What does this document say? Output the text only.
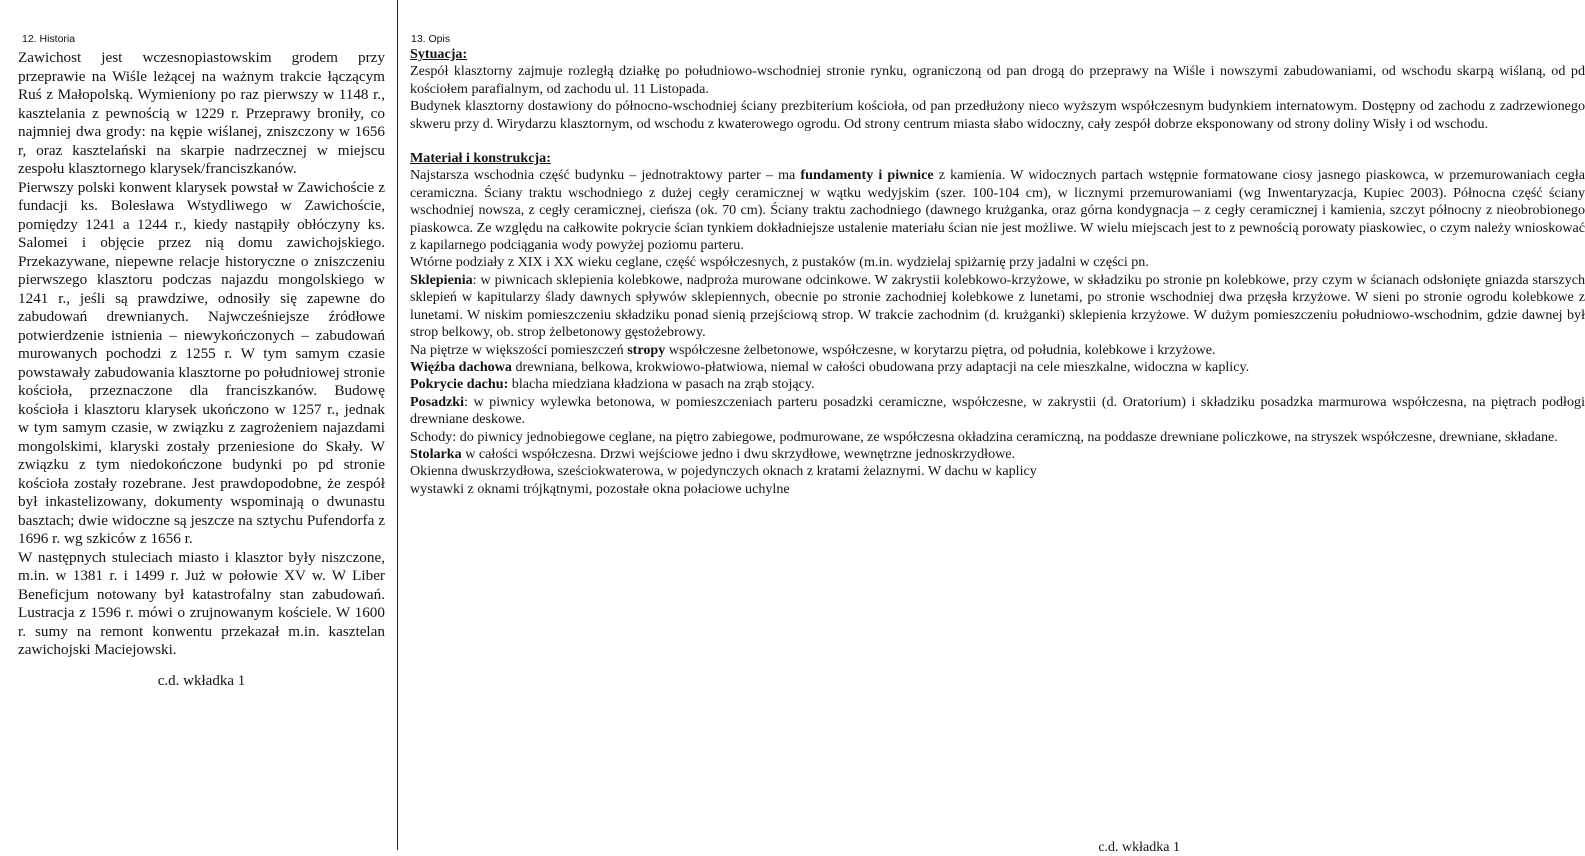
12. Historia

Zawichost jest wczesnopiastowskim grodem przy przeprawie na Wiśle leżącej na ważnym trakcie łączącym Ruś z Małopolską. Wymieniony po raz pierwszy w 1148 r., kasztelania z pewnością w 1229 r. Przeprawy broniły, co najmniej dwa grody: na kępie wiślanej, zniszczony w 1656 r, oraz kasztelański na skarpie nadrzecznej w miejscu zespołu klasztornego klarysek/franciszkanów.

Pierwszy polski konwent klarysek powstał w Zawichoście z fundacji ks. Bolesława Wstydliwego w Zawichoście, pomiędzy 1241 a 1244 r., kiedy nastąpiły obłóczyny ks. Salomei i objęcie przez nią domu zawichojskiego. Przekazywane, niepewne relacje historyczne o zniszczeniu pierwszego klasztoru podczas najazdu mongolskiego w 1241 r., jeśli są prawdziwe, odnosiły się zapewne do zabudowań drewnianych. Najwcześniejsze źródłowe potwierdzenie istnienia – niewykończonych – zabudowań murowanych pochodzi z 1255 r. W tym samym czasie powstawały zabudowania klasztorne po południowej stronie kościoła, przeznaczone dla franciszkanów. Budowę kościoła i klasztoru klarysek ukończono w 1257 r., jednak w tym samym czasie, w związku z zagrożeniem najazdami mongolskimi, klaryski zostały przeniesione do Skały. W związku z tym niedokończone budynki po pd stronie kościoła zostały rozebrane. Jest prawdopodobne, że zespół był inkastelizowany, dokumenty wspominają o dwunastu basztach; dwie widoczne są jeszcze na sztychu Pufendorfa z 1696 r. wg szkiców z 1656 r.

W następnych stuleciach miasto i klasztor były niszczone, m.in. w 1381 r. i 1499 r. Już w połowie XV w. W Liber Beneficjum notowany był katastrofalny stan zabudowań. Lustracja z 1596 r. mówi o zrujnowanym kościele. W 1600 r. sumy na remont konwentu przekazał m.in. kasztelan zawichojski Maciejowski.

c.d. wkładka 1
13. Opis
Sytuacja:

Zespół klasztorny zajmuje rozległą działkę po południowo-wschodniej stronie rynku, ograniczoną od pan drogą do przeprawy na Wiśle i nowszymi zabudowaniami, od wschodu skarpą wiślaną, od pd kościołem parafialnym, od zachodu ul. 11 Listopada.

Budynek klasztorny dostawiony do północno-wschodniej ściany prezbiterium kościoła, od pan przedłużony nieco wyższym współczesnym budynkiem internatowym. Dostępny od zachodu z zadrzewionego skweru przy d. Wirydarzu klasztornym, od wschodu z kwaterowego ogrodu. Od strony centrum miasta słabo widoczny, cały zespół dobrze eksponowany od strony doliny Wisły i od wschodu.

Materiał i konstrukcja:

Najstarsza wschodnia część budynku – jednotraktowy parter – ma fundamenty i piwnice z kamienia. W widocznych partach wstępnie formatowane ciosy jasnego piaskowca, w przemurowaniach cegła ceramiczna. Ściany traktu wschodniego z dużej cegły ceramicznej w wątku wedyjskim (szer. 100-104 cm), w licznymi przemurowaniami (wg Inwentaryzacja, Kupiec 2003). Północna część ściany wschodniej nowsza, z cegły ceramicznej, cieńsza (ok. 70 cm). Ściany traktu zachodniego (dawnego krużganka, oraz górna kondygnacja – z cegły ceramicznej i kamienia, szczyt północny z nieobrobionego piaskowca. Ze względu na całkowite pokrycie ścian tynkiem dokładniejsze ustalenie materiału ścian nie jest możliwe. W wielu miejscach jest to z pewnością porowaty piaskowiec, o czym należy wnioskować z kapilarnego podciągania wody powyżej poziomu parteru.

Wtórne podziały z XIX i XX wieku ceglane, część współczesnych, z pustaków (m.in. wydzielaj spiżarnię przy jadalni w części pn.

Sklepienia: w piwnicach sklepienia kolebkowe, nadproża murowane odcinkowe. W zakrystii kolebkowo-krzyżowe, w składziku po stronie pn kolebkowe, przy czym w ścianach odsłonięte gniazda starszych sklepień w kapitularzy ślady dawnych spływów sklepiennych, obecnie po stronie zachodniej kolebkowe z lunetami, po stronie wschodniej dwa przęsła krzyżowe. W sieni po stronie ogrodu kolebkowe z lunetami. W niskim pomieszczeniu składziku ponad sienią przejściową strop. W trakcie zachodnim (d. krużganki) sklepienia krzyżowe. W dużym pomieszczeniu południowo-wschodnim, gdzie dawnej był strop belkowy, ob. strop żelbetonowy gęstożebrowy.

Na piętrze w większości pomieszczeń stropy współczesne żelbetonowe, współczesne, w korytarzu piętra, od południa, kolebkowe i krzyżowe.

Więźba dachowa drewniana, belkowa, krokwiowo-płatwiowa, niemal w całości obudowana przy adaptacji na cele mieszkalne, widoczna w kaplicy.

Pokrycie dachu: blacha miedziana kładziona w pasach na zrąb stojący.

Posadzki: w piwnicy wylewka betonowa, w pomieszczeniach parteru posadzki ceramiczne, współczesne, w zakrystii (d. Oratorium) i składziku posadzka marmurowa współczesna, na piętrach podłogi drewniane deskowe.

Schody: do piwnicy jednobiegowe ceglane, na piętro zabiegowe, podmurowane, ze współczesna okładzina ceramiczną, na poddasze drewniane policzkowe, na stryszek współczesne, drewniane, składane.

Stolarka w całości współczesna. Drzwi wejściowe jedno i dwu skrzydłowe, wewnętrzne jednoskrzydłowe.

Okienna dwuskrzydłowa, sześciokwaterowa, w pojedynczych oknach z kratami żelaznymi. W dachu w kaplicy

wystawki z oknami trójkątnymi, pozostałe okna połaciowe uchylne
c.d. wkładka 1
